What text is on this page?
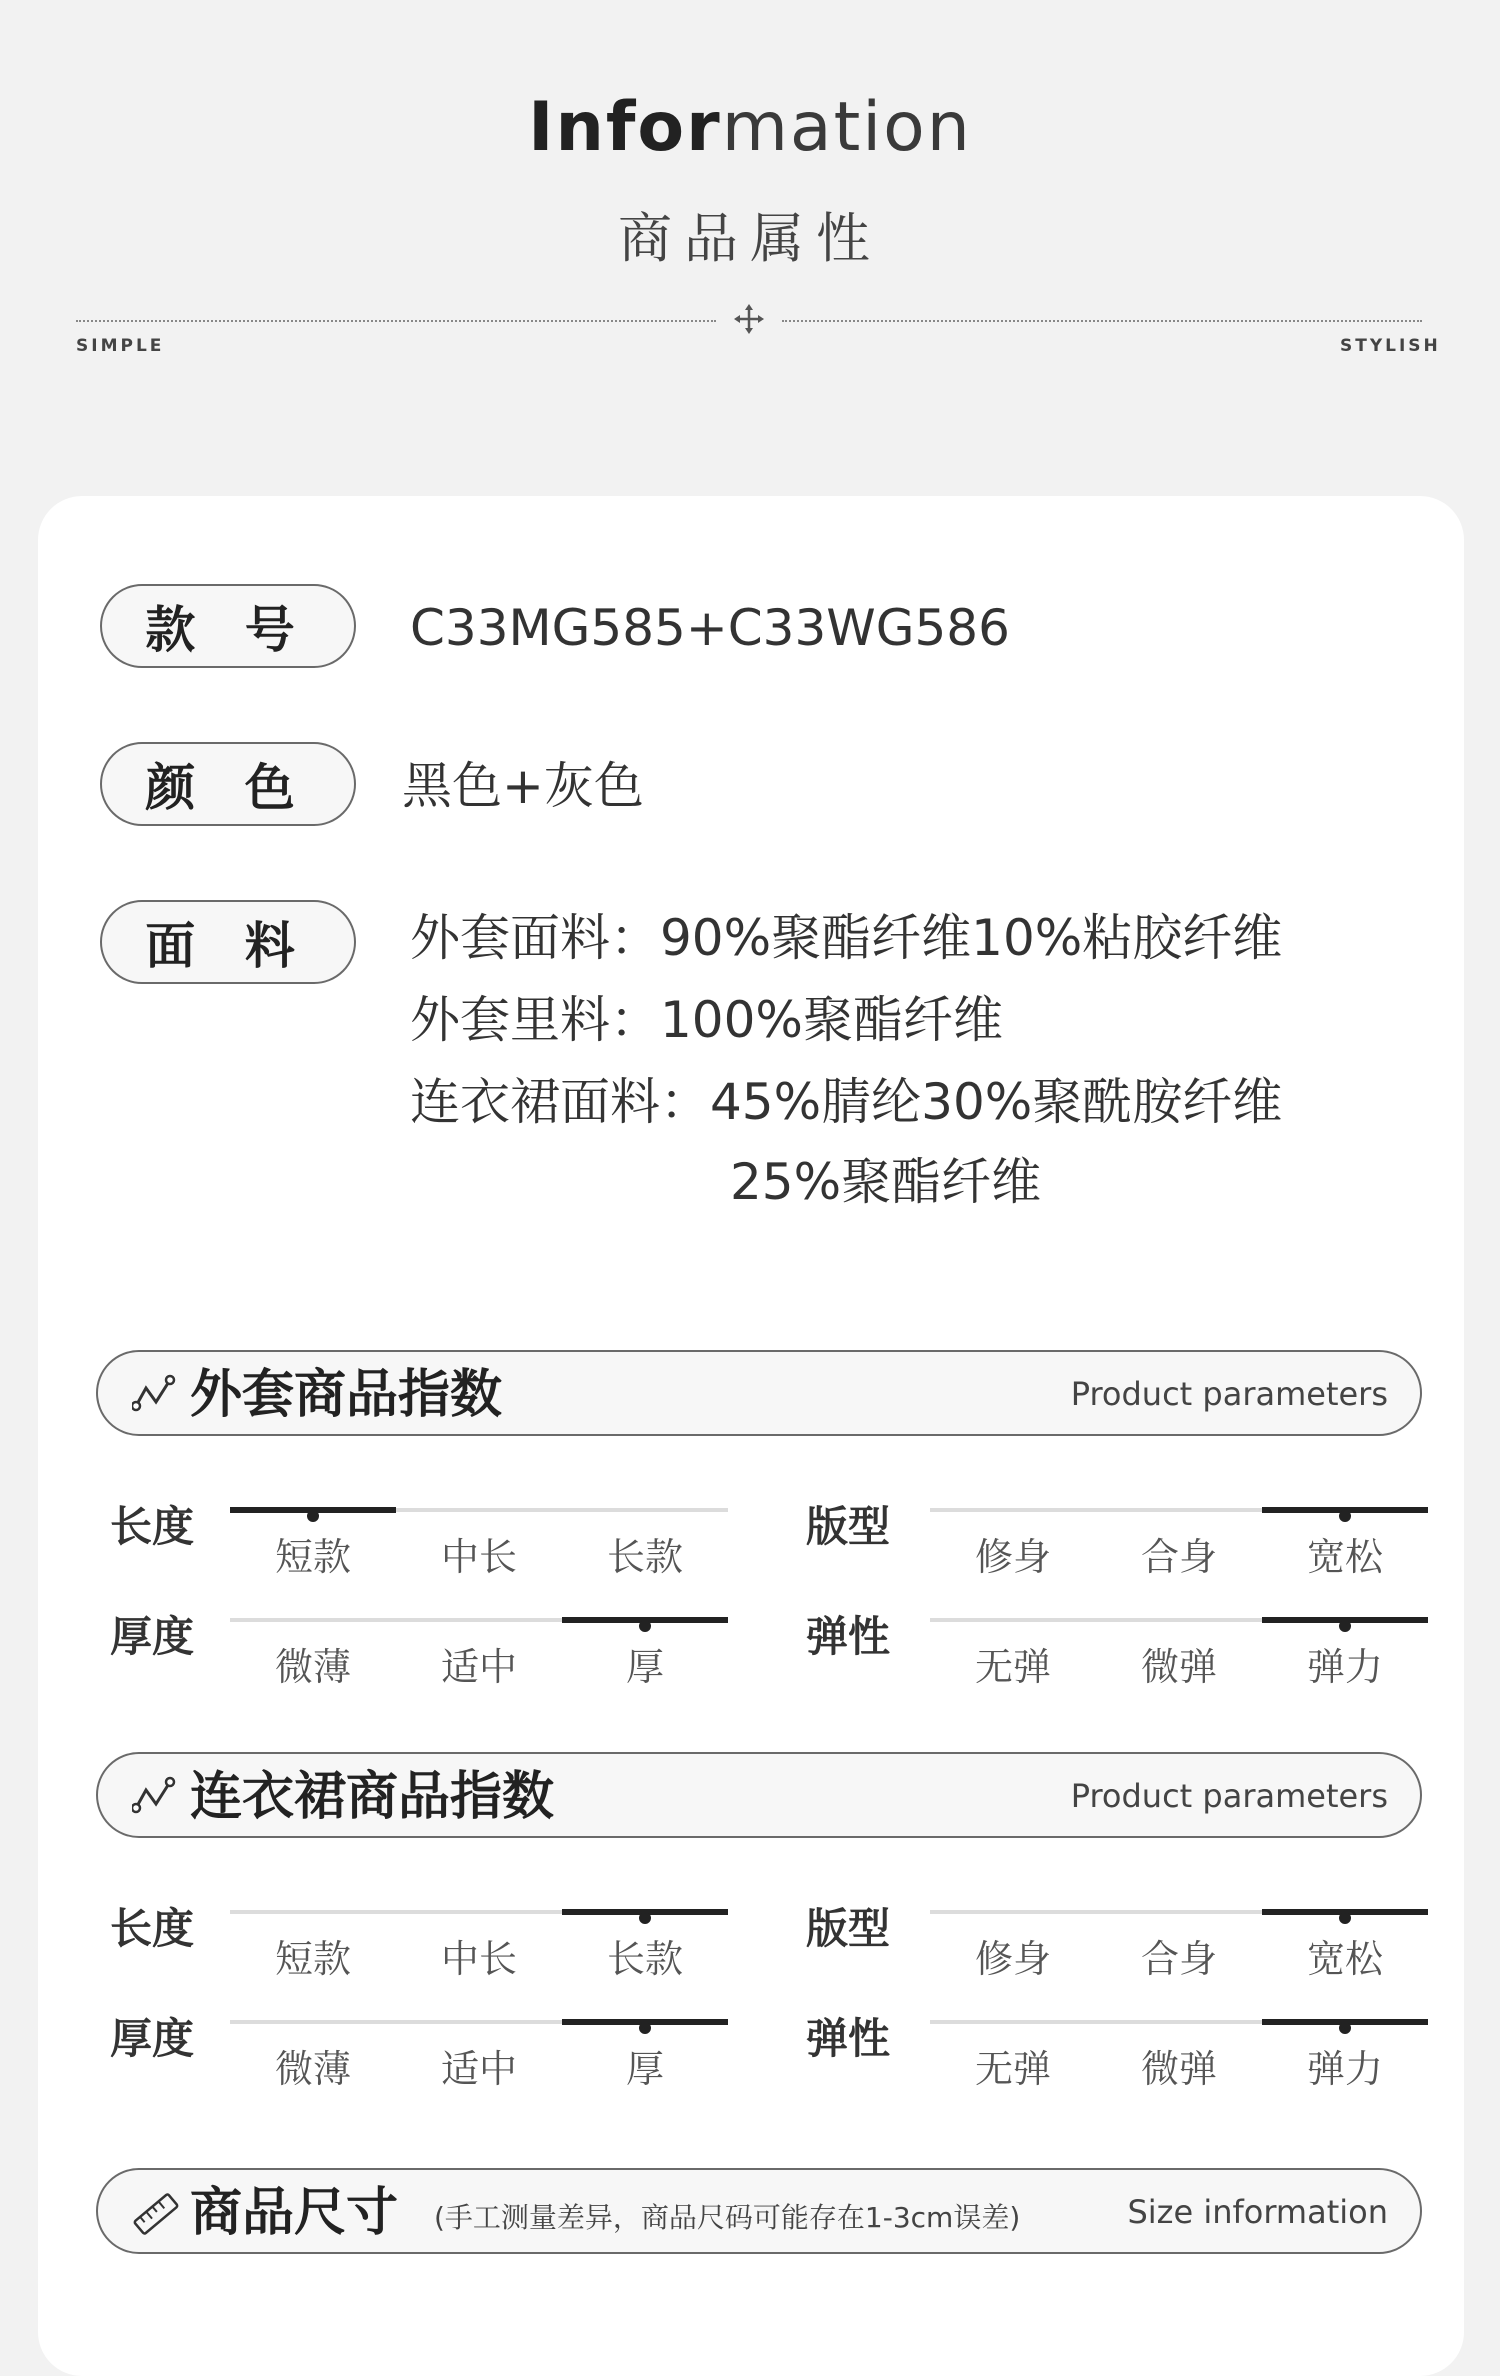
Information
商品属性
SIMPLE	STYLISH
款 号	C33MG585+C33WG586
颜 色	黑色+灰色
面 料	外套面料：90%聚酯纤维10%粘胶纤维
外套里料：100%聚酯纤维
连衣裙面料：45%腈纶30%聚酰胺纤维
25%聚酯纤维
外套商品指数	Product parameters
长度
短款	中长	长款
版型
修身	合身	宽松
厚度
微薄	适中	厚
弹性
无弹	微弹	弹力
连衣裙商品指数	Product parameters
长度
短款	中长	长款
版型
修身	合身	宽松
厚度
微薄	适中	厚
弹性
无弹	微弹	弹力
商品尺寸 (手工测量差异，商品尺码可能存在1-3cm误差)	Size information
